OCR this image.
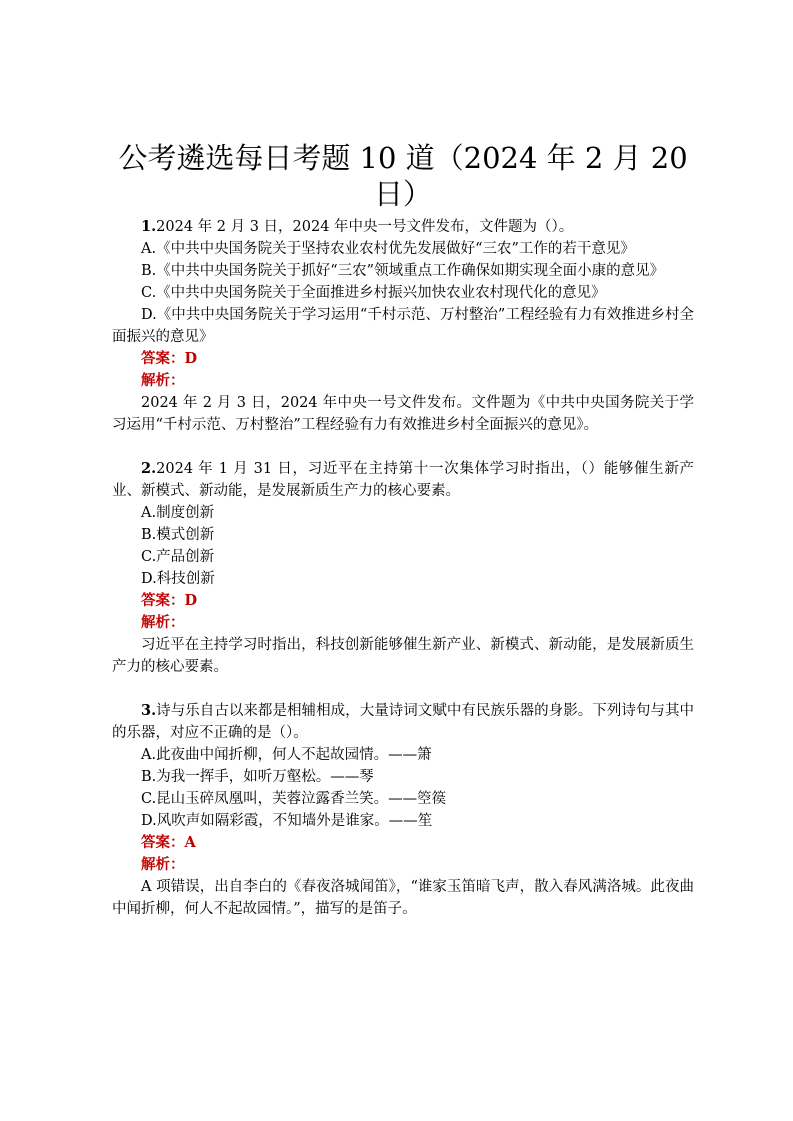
公考遴选每日考题 10 道（2024 年 2 月 20 日）

1.2024 年 2 月 3 日，2024 年中央一号文件发布，文件题为（）。

A.《中共中央国务院关于坚持农业农村优先发展做好“三农”工作的若干意见》

B.《中共中央国务院关于抓好“三农”领域重点工作确保如期实现全面小康的意见》

C.《中共中央国务院关于全面推进乡村振兴加快农业农村现代化的意见》

D.《中共中央国务院关于学习运用“千村示范、万村整治”工程经验有力有效推进乡村全面振兴的意见》

答案：D

解析：

2024 年 2 月 3 日，2024 年中央一号文件发布。文件题为《中共中央国务院关于学习运用“千村示范、万村整治”工程经验有力有效推进乡村全面振兴的意见》。

2.2024 年 1 月 31 日，习近平在主持第十一次集体学习时指出，（）能够催生新产业、新模式、新动能，是发展新质生产力的核心要素。

A.制度创新

B.模式创新

C.产品创新

D.科技创新

答案：D

解析：

习近平在主持学习时指出，科技创新能够催生新产业、新模式、新动能，是发展新质生产力的核心要素。

3.诗与乐自古以来都是相辅相成，大量诗词文赋中有民族乐器的身影。下列诗句与其中的乐器，对应不正确的是（）。

A.此夜曲中闻折柳，何人不起故园情。——箫

B.为我一挥手，如听万壑松。——琴

C.昆山玉碎凤凰叫，芙蓉泣露香兰笑。——箜篌

D.风吹声如隔彩霞，不知墙外是谁家。——笙

答案：A

解析：

A 项错误，出自李白的《春夜洛城闻笛》，“谁家玉笛暗飞声，散入春风满洛城。此夜曲中闻折柳，何人不起故园情。”，描写的是笛子。
